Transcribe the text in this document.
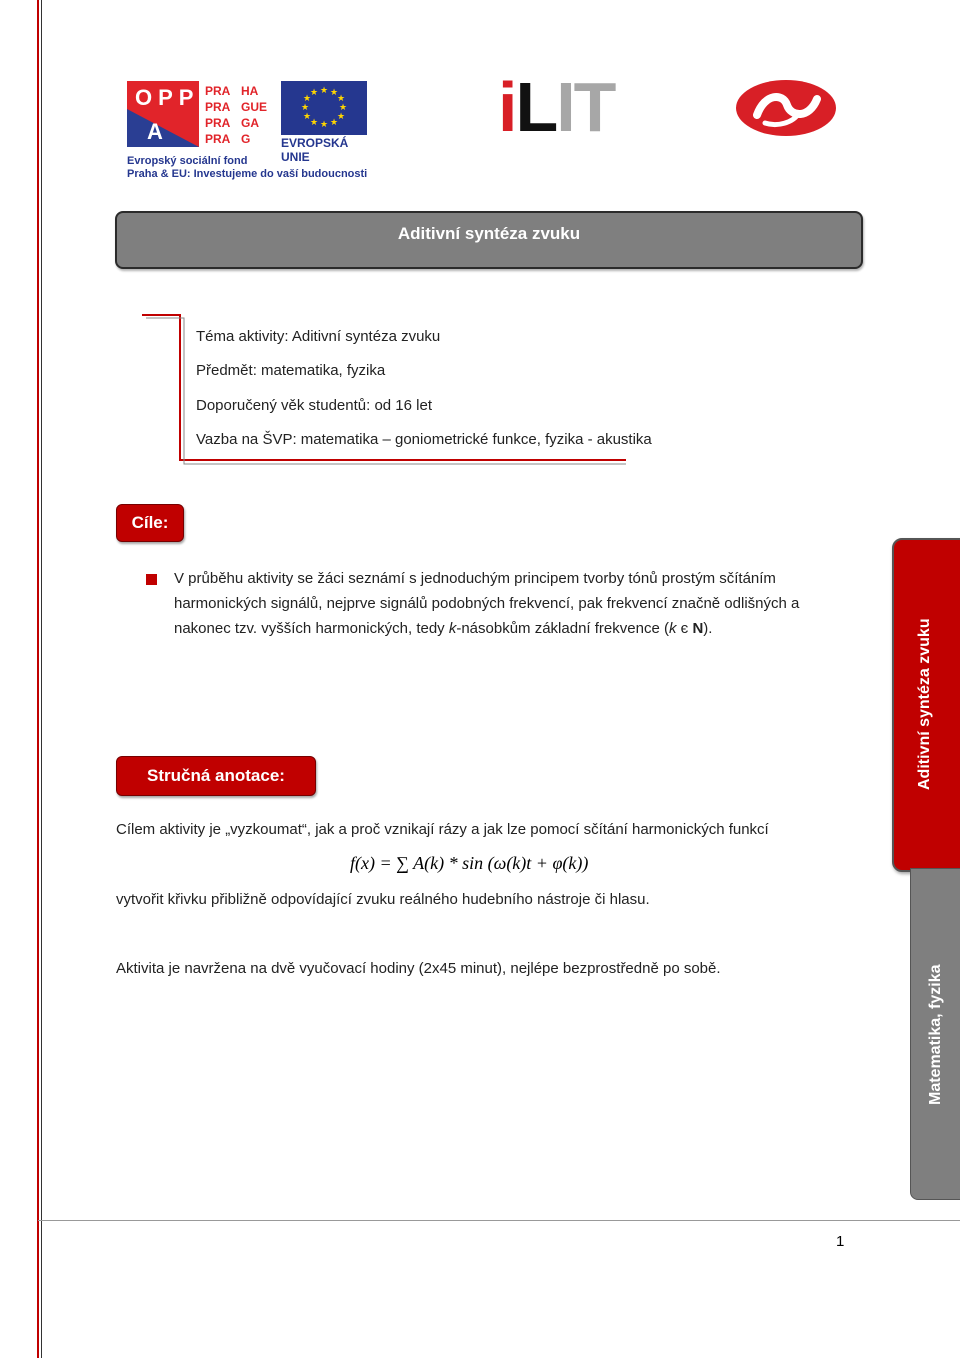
OPP
A
PRA HA
PRA GUE
PRA GA
PRA G
★ ★
★
★
★
★
★
★
★
★
★
★
EVROPSKÁ UNIE
Evropský sociální fond
Praha & EU: Investujeme do vaší budoucnosti
iLIT
Aditivní syntéza zvuku
Téma aktivity: Aditivní syntéza zvuku
Předmět: matematika, fyzika
Doporučený věk studentů: od 16 let
Vazba na ŠVP: matematika – goniometrické funkce, fyzika - akustika
Cíle:
V průběhu aktivity se žáci seznámí s jednoduchým principem tvorby tónů prostým sčítáním
harmonických signálů, nejprve signálů podobných frekvencí, pak frekvencí značně odlišných a
nakonec tzv. vyšších harmonických, tedy k-násobkům základní frekvence (k є N).
Stručná anotace:
Cílem aktivity je „vyzkoumat“, jak a proč vznikají rázy a jak lze pomocí sčítání harmonických funkcí
f(x) = ∑ A(k) * sin (ω(k)t + φ(k))
vytvořit křivku přibližně odpovídající zvuku reálného hudebního nástroje či hlasu.
Aktivita je navržena na dvě vyučovací hodiny (2x45 minut), nejlépe bezprostředně po sobě.
Aditivní syntéza zvuku
Matematika, fyzika
1
